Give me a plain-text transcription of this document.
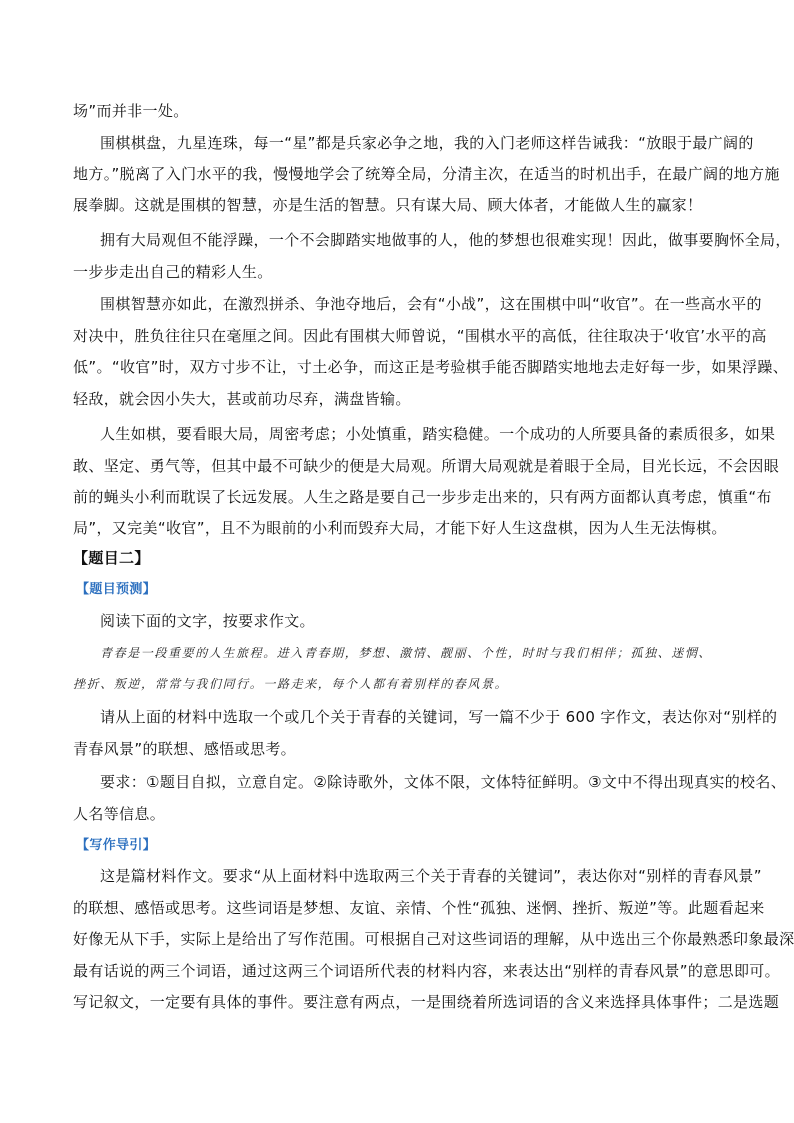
场”而并非一处。
围棋棋盘，九星连珠，每一“星”都是兵家必争之地，我的入门老师这样告诫我：“放眼于最广阔的
地方。”脱离了入门水平的我，慢慢地学会了统筹全局，分清主次，在适当的时机出手，在最广阔的地方施
展拳脚。这就是围棋的智慧，亦是生活的智慧。只有谋大局、顾大体者，才能做人生的赢家！
拥有大局观但不能浮躁，一个不会脚踏实地做事的人，他的梦想也很难实现！因此，做事要胸怀全局，
一步步走出自己的精彩人生。
围棋智慧亦如此，在激烈拼杀、争池夺地后，会有“小战”，这在围棋中叫“收官”。在一些高水平的
对决中，胜负往往只在毫厘之间。因此有围棋大师曾说，“围棋水平的高低，往往取决于‘收官’水平的高
低”。“收官”时，双方寸步不让，寸土必争，而这正是考验棋手能否脚踏实地地去走好每一步，如果浮躁、
轻敌，就会因小失大，甚或前功尽弃，满盘皆输。
人生如棋，要看眼大局，周密考虑；小处慎重，踏实稳健。一个成功的人所要具备的素质很多，如果
敢、坚定、勇气等，但其中最不可缺少的便是大局观。所谓大局观就是着眼于全局，目光长远，不会因眼
前的蝇头小利而耽误了长远发展。人生之路是要自己一步步走出来的，只有两方面都认真考虑，慎重“布
局”，又完美“收官”，且不为眼前的小利而毁弃大局，才能下好人生这盘棋，因为人生无法悔棋。
【题目二】
【题目预测】
阅读下面的文字，按要求作文。
青春是一段重要的人生旅程。进入青春期，梦想、激情、靓丽、个性，时时与我们相伴；孤独、迷惘、
挫折、叛逆，常常与我们同行。一路走来，每个人都有着别样的春风景。
请从上面的材料中选取一个或几个关于青春的关键词，写一篇不少于 600 字作文，表达你对“别样的
青春风景”的联想、感悟或思考。
要求：①题目自拟，立意自定。②除诗歌外，文体不限，文体特征鲜明。③文中不得出现真实的校名、
人名等信息。
【写作导引】
这是篇材料作文。要求“从上面材料中选取两三个关于青春的关键词”，表达你对“别样的青春风景”
的联想、感悟或思考。这些词语是梦想、友谊、亲情、个性“孤独、迷惘、挫折、叛逆”等。此题看起来
好像无从下手，实际上是给出了写作范围。可根据自己对这些词语的理解，从中选出三个你最熟悉印象最深
最有话说的两三个词语，通过这两三个词语所代表的材料内容，来表达出“别样的青春风景”的意思即可。
写记叙文，一定要有具体的事件。要注意有两点，一是围绕着所选词语的含义来选择具体事件；二是选题
